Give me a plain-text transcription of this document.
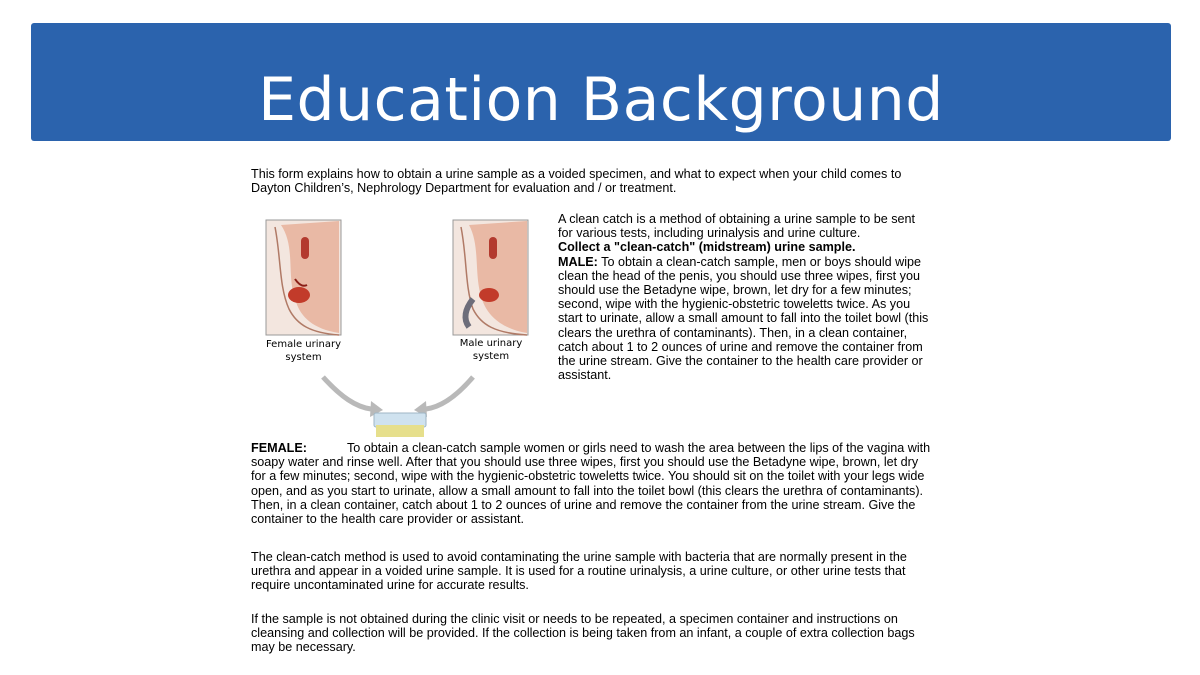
Education Background

This form explains how to obtain a urine sample as a voided specimen, and what to expect when your child comes to Dayton Children’s, Nephrology Department for evaluation and / or treatment.

Female urinary
system
Male urinary
system

A clean catch is a method of obtaining a urine sample to be sent for various tests, including urinalysis and urine culture.

Collect a "clean-catch" (midstream) urine sample.

MALE: To obtain a clean-catch sample, men or boys should wipe clean the head of the penis, you should use three wipes, first you should use the Betadyne wipe, brown, let dry for a few minutes; second, wipe with the hygienic-obstetric toweletts twice. As you start to urinate, allow a small amount to fall into the toilet bowl (this clears the urethra of contaminants). Then, in a clean container, catch about 1 to 2 ounces of urine and remove the container from the urine stream. Give the container to the health care provider or assistant.

FEMALE:	To obtain a clean-catch sample women or girls need to wash the area between the lips of the vagina with soapy water and rinse well. After that you should use three wipes, first you should use the Betadyne wipe, brown, let dry for a few minutes; second, wipe with the hygienic-obstetric toweletts twice. You should sit on the toilet with your legs wide open, and as you start to urinate, allow a small amount to fall into the toilet bowl (this clears the urethra of contaminants). Then, in a clean container, catch about 1 to 2 ounces of urine and remove the container from the urine stream. Give the container to the health care provider or assistant.

The clean-catch method is used to avoid contaminating the urine sample with bacteria that are normally present in the urethra and appear in a voided urine sample. It is used for a routine urinalysis, a urine culture, or other urine tests that require uncontaminated urine for accurate results.

If the sample is not obtained during the clinic visit or needs to be repeated, a specimen container and instructions on cleansing and collection will be provided. If the collection is being taken from an infant, a couple of extra collection bags may be necessary.
